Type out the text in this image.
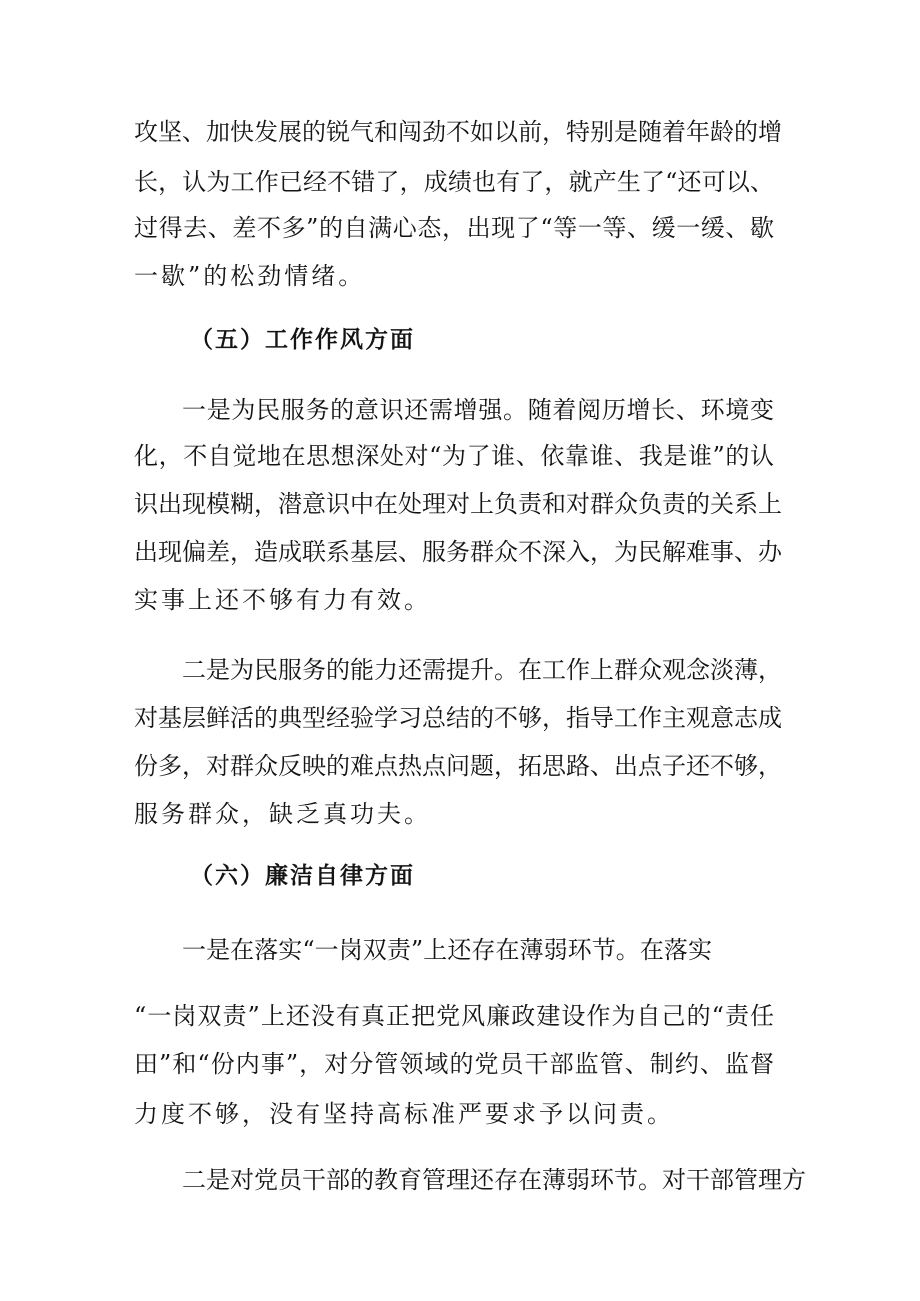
攻坚、加快发展的锐气和闯劲不如以前，特别是随着年龄的增
长，认为工作已经不错了，成绩也有了，就产生了“还可以、
过得去、差不多”的自满心态，出现了“等一等、缓一缓、歇
一歇”的松劲情绪。
（五）工作作风方面
一是为民服务的意识还需增强。随着阅历增长、环境变
化，不自觉地在思想深处对“为了谁、依靠谁、我是谁”的认
识出现模糊，潜意识中在处理对上负责和对群众负责的关系上
出现偏差，造成联系基层、服务群众不深入，为民解难事、办
实事上还不够有力有效。
二是为民服务的能力还需提升。在工作上群众观念淡薄，
对基层鲜活的典型经验学习总结的不够，指导工作主观意志成
份多，对群众反映的难点热点问题，拓思路、出点子还不够，
服务群众，缺乏真功夫。
（六）廉洁自律方面
一是在落实“一岗双责”上还存在薄弱环节。在落实
“一岗双责”上还没有真正把党风廉政建设作为自己的“责任
田”和“份内事”，对分管领域的党员干部监管、制约、监督
力度不够，没有坚持高标准严要求予以问责。
二是对党员干部的教育管理还存在薄弱环节。对干部管理方
